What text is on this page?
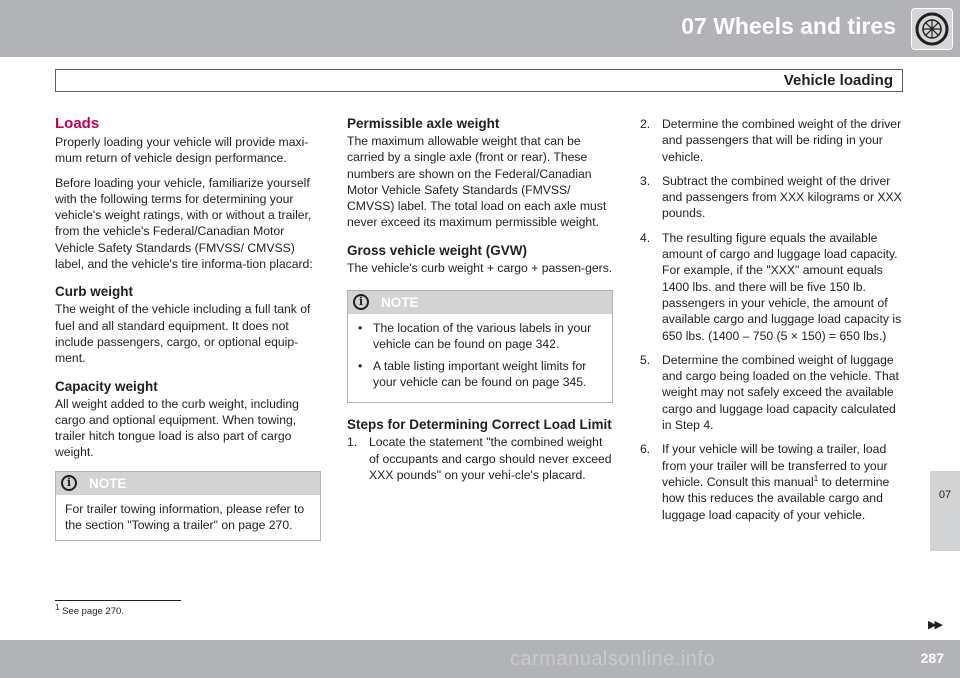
07 Wheels and tires
Vehicle loading
Loads

Properly loading your vehicle will provide maxi-mum return of vehicle design performance.

Before loading your vehicle, familiarize yourself with the following terms for determining your vehicle's weight ratings, with or without a trailer, from the vehicle's Federal/Canadian Motor Vehicle Safety Standards (FMVSS/ CMVSS) label, and the vehicle's tire informa-tion placard:

Curb weight

The weight of the vehicle including a full tank of fuel and all standard equipment. It does not include passengers, cargo, or optional equip-ment.

Capacity weight

All weight added to the curb weight, including cargo and optional equipment. When towing, trailer hitch tongue load is also part of cargo weight.

i	NOTE
For trailer towing information, please refer to the section "Towing a trailer" on page 270.
Permissible axle weight

The maximum allowable weight that can be carried by a single axle (front or rear). These numbers are shown on the Federal/Canadian Motor Vehicle Safety Standards (FMVSS/ CMVSS) label. The total load on each axle must never exceed its maximum permissible weight.

Gross vehicle weight (GVW)

The vehicle's curb weight + cargo + passen-gers.

i	NOTE
• The location of the various labels in your vehicle can be found on page 342.
• A table listing important weight limits for your vehicle can be found on page 345.
Steps for Determining Correct Load Limit
1. Locate the statement "the combined weight of occupants and cargo should never exceed XXX pounds" on your vehi-cle's placard.
2. Determine the combined weight of the driver and passengers that will be riding in your vehicle.
3. Subtract the combined weight of the driver and passengers from XXX kilograms or XXX pounds.
4. The resulting figure equals the available amount of cargo and luggage load capacity. For example, if the "XXX" amount equals 1400 lbs. and there will be five 150 lb. passengers in your vehicle, the amount of available cargo and luggage load capacity is 650 lbs. (1400 – 750 (5 × 150) = 650 lbs.)
5. Determine the combined weight of luggage and cargo being loaded on the vehicle. That weight may not safely exceed the available cargo and luggage load capacity calculated in Step 4.
6. If your vehicle will be towing a trailer, load from your trailer will be transferred to your vehicle. Consult this manual$^1$ to determine how this reduces the available cargo and luggage load capacity of your vehicle.
07
$^1$ See page 270.
▶▶
carmanualsonline.info	287
